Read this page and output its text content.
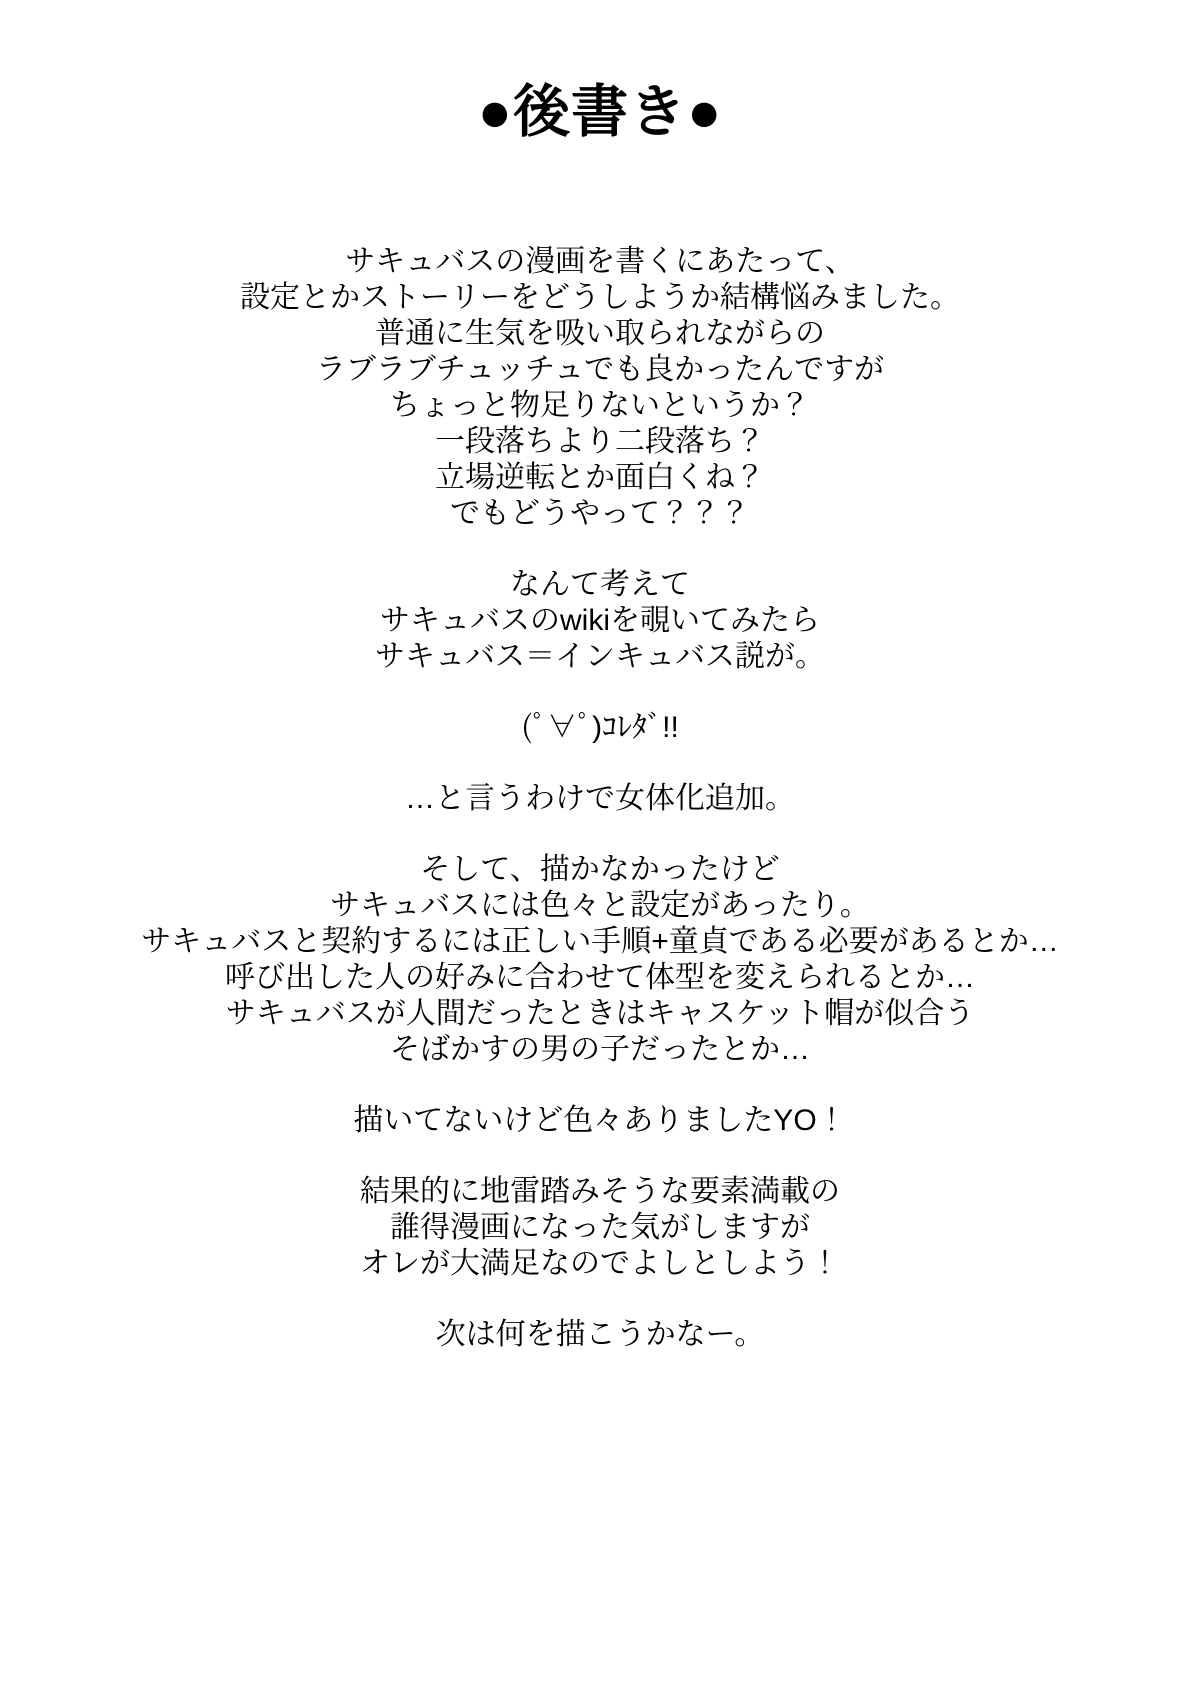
●後書き●
サキュバスの漫画を書くにあたって、
設定とかストーリーをどうしようか結構悩みました。
普通に生気を吸い取られながらの
ラブラブチュッチュでも良かったんですが
ちょっと物足りないというか？
一段落ちより二段落ち？
立場逆転とか面白くね？
でもどうやって？？？
なんて考えて
サキュバスのwikiを覗いてみたら
サキュバス＝インキュバス説が。
(ﾟ∀ﾟ)ｺﾚﾀﾞ!!
…と言うわけで女体化追加。
そして、描かなかったけど
サキュバスには色々と設定があったり。
サキュバスと契約するには正しい手順+童貞である必要があるとか…
呼び出した人の好みに合わせて体型を変えられるとか…
サキュバスが人間だったときはキャスケット帽が似合う
そばかすの男の子だったとか…
描いてないけど色々ありましたYO！
結果的に地雷踏みそうな要素満載の
誰得漫画になった気がしますが
オレが大満足なのでよしとしよう！
次は何を描こうかなー。
